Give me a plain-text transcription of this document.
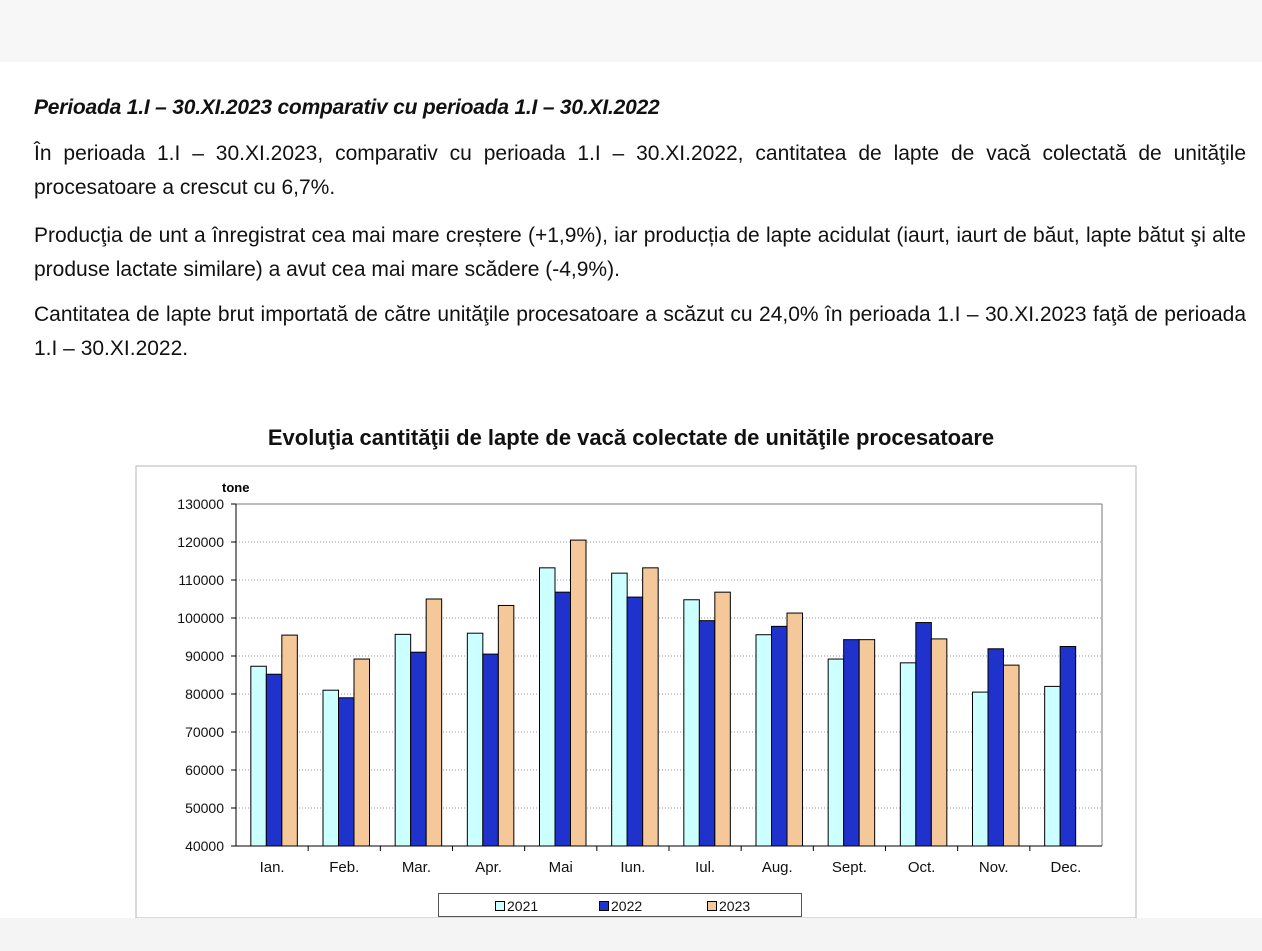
Perioada 1.I – 30.XI.2023 comparativ cu perioada 1.I – 30.XI.2022
În perioada 1.I – 30.XI.2023, comparativ cu perioada 1.I – 30.XI.2022, cantitatea de lapte de vacă colectată de unităţile procesatoare a crescut cu 6,7%.
Producţia de unt a înregistrat cea mai mare creștere (+1,9%), iar producția de lapte acidulat (iaurt, iaurt de băut, lapte bătut şi alte produse lactate similare) a avut cea mai mare scădere (-4,9%).
Cantitatea de lapte brut importată de către unităţile procesatoare a scăzut cu 24,0% în perioada 1.I – 30.XI.2023 faţă de perioada 1.I – 30.XI.2022.
Evoluţia cantităţii de lapte de vacă colectate de unităţile procesatoare
130000
120000
110000
100000
90000
80000
70000
60000
50000
40000
Ian.	Feb.	Mar.	Apr.	Mai	Iun.	Iul.	Aug.	Sept.	Oct.	Nov.	Dec.
tone
2021	2022	2023
